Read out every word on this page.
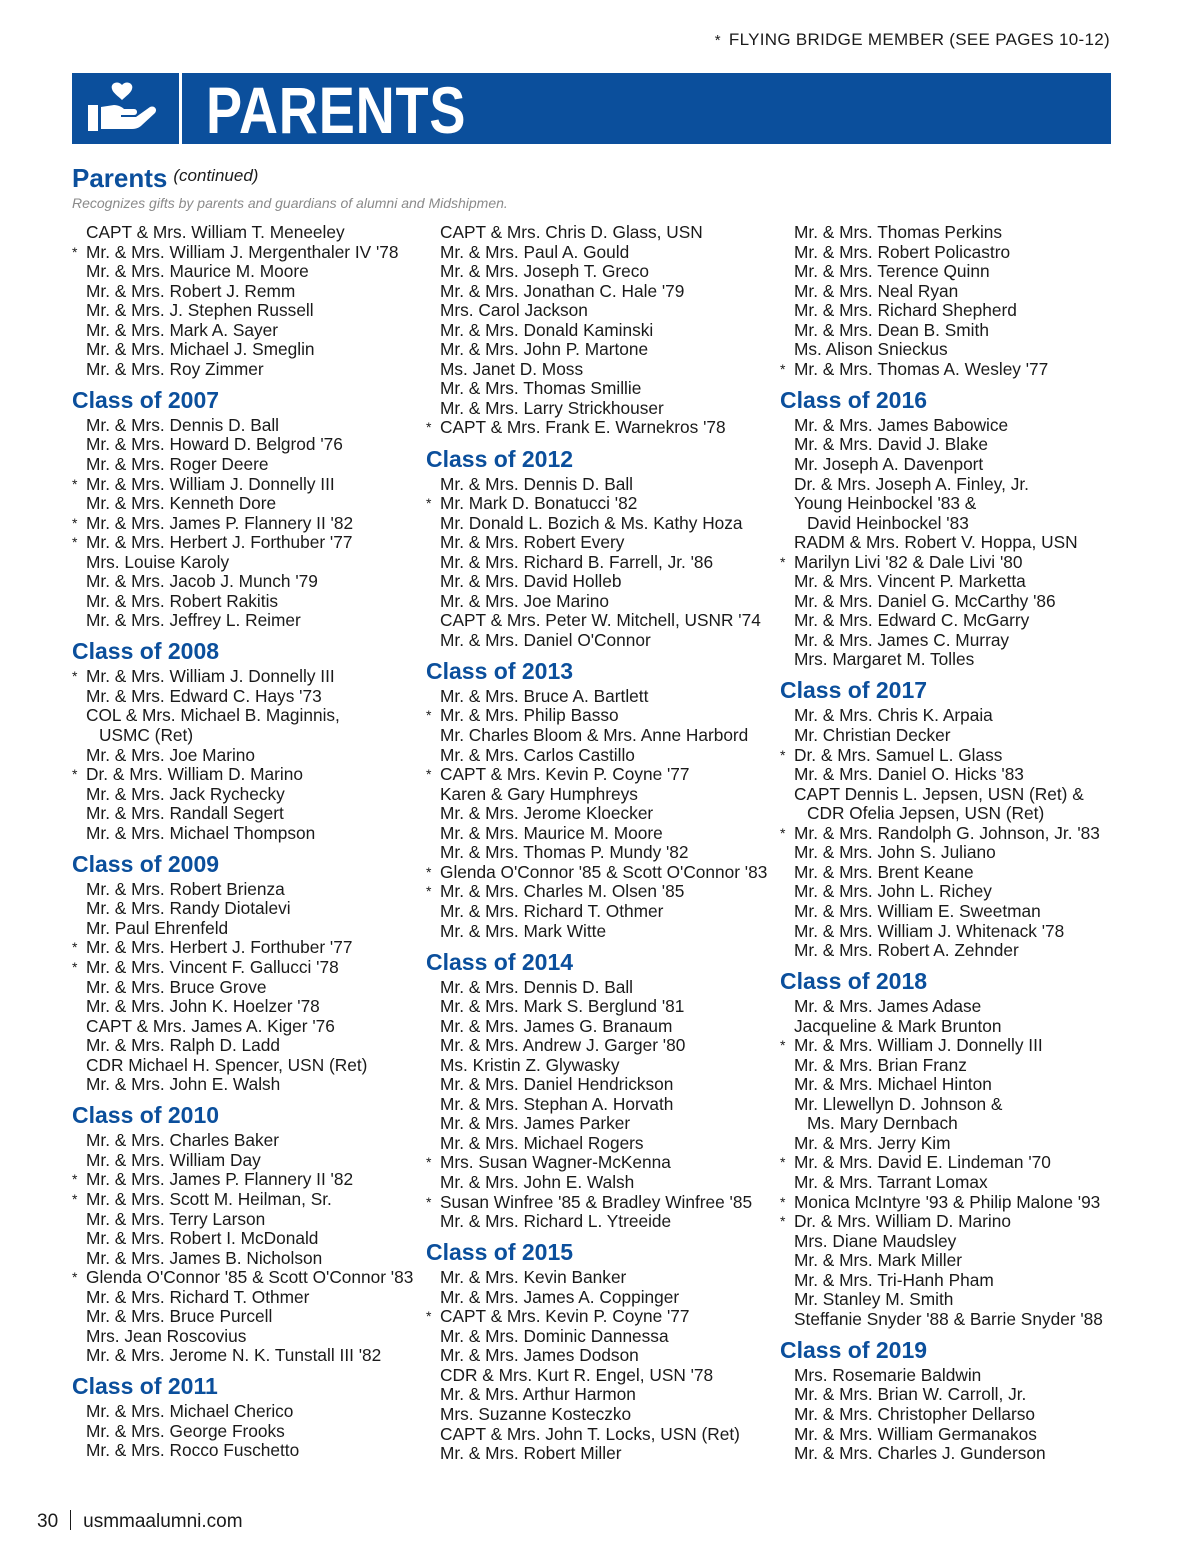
* FLYING BRIDGE MEMBER (SEE PAGES 10-12)
PARENTS
Parents (continued)
Recognizes gifts by parents and guardians of alumni and Midshipmen.
CAPT & Mrs. William T. Meneeley
* Mr. & Mrs. William J. Mergenthaler IV '78
Mr. & Mrs. Maurice M. Moore
Mr. & Mrs. Robert J. Remm
Mr. & Mrs. J. Stephen Russell
Mr. & Mrs. Mark A. Sayer
Mr. & Mrs. Michael J. Smeglin
Mr. & Mrs. Roy Zimmer
Class of 2007
Mr. & Mrs. Dennis D. Ball
Mr. & Mrs. Howard D. Belgrod '76
Mr. & Mrs. Roger Deere
* Mr. & Mrs. William J. Donnelly III
Mr. & Mrs. Kenneth Dore
* Mr. & Mrs. James P. Flannery II '82
* Mr. & Mrs. Herbert J. Forthuber '77
Mrs. Louise Karoly
Mr. & Mrs. Jacob J. Munch '79
Mr. & Mrs. Robert Rakitis
Mr. & Mrs. Jeffrey L. Reimer
Class of 2008
* Mr. & Mrs. William J. Donnelly III
Mr. & Mrs. Edward C. Hays '73
COL & Mrs. Michael B. Maginnis,
USMC (Ret)
Mr. & Mrs. Joe Marino
* Dr. & Mrs. William D. Marino
Mr. & Mrs. Jack Rychecky
Mr. & Mrs. Randall Segert
Mr. & Mrs. Michael Thompson
Class of 2009
Mr. & Mrs. Robert Brienza
Mr. & Mrs. Randy Diotalevi
Mr. Paul Ehrenfeld
* Mr. & Mrs. Herbert J. Forthuber '77
* Mr. & Mrs. Vincent F. Gallucci '78
Mr. & Mrs. Bruce Grove
Mr. & Mrs. John K. Hoelzer '78
CAPT & Mrs. James A. Kiger '76
Mr. & Mrs. Ralph D. Ladd
CDR Michael H. Spencer, USN (Ret)
Mr. & Mrs. John E. Walsh
Class of 2010
Mr. & Mrs. Charles Baker
Mr. & Mrs. William Day
* Mr. & Mrs. James P. Flannery II '82
* Mr. & Mrs. Scott M. Heilman, Sr.
Mr. & Mrs. Terry Larson
Mr. & Mrs. Robert I. McDonald
Mr. & Mrs. James B. Nicholson
* Glenda O'Connor '85 & Scott O'Connor '83
Mr. & Mrs. Richard T. Othmer
Mr. & Mrs. Bruce Purcell
Mrs. Jean Roscovius
Mr. & Mrs. Jerome N. K. Tunstall III '82
Class of 2011
Mr. & Mrs. Michael Cherico
Mr. & Mrs. George Frooks
Mr. & Mrs. Rocco Fuschetto
CAPT & Mrs. Chris D. Glass, USN
Mr. & Mrs. Paul A. Gould
Mr. & Mrs. Joseph T. Greco
Mr. & Mrs. Jonathan C. Hale '79
Mrs. Carol Jackson
Mr. & Mrs. Donald Kaminski
Mr. & Mrs. John P. Martone
Ms. Janet D. Moss
Mr. & Mrs. Thomas Smillie
Mr. & Mrs. Larry Strickhouser
* CAPT & Mrs. Frank E. Warnekros '78
Class of 2012
Mr. & Mrs. Dennis D. Ball
* Mr. Mark D. Bonatucci '82
Mr. Donald L. Bozich & Ms. Kathy Hoza
Mr. & Mrs. Robert Every
Mr. & Mrs. Richard B. Farrell, Jr. '86
Mr. & Mrs. David Holleb
Mr. & Mrs. Joe Marino
CAPT & Mrs. Peter W. Mitchell, USNR '74
Mr. & Mrs. Daniel O'Connor
Class of 2013
Mr. & Mrs. Bruce A. Bartlett
* Mr. & Mrs. Philip Basso
Mr. Charles Bloom & Mrs. Anne Harbord
Mr. & Mrs. Carlos Castillo
* CAPT & Mrs. Kevin P. Coyne '77
Karen & Gary Humphreys
Mr. & Mrs. Jerome Kloecker
Mr. & Mrs. Maurice M. Moore
Mr. & Mrs. Thomas P. Mundy '82
* Glenda O'Connor '85 & Scott O'Connor '83
* Mr. & Mrs. Charles M. Olsen '85
Mr. & Mrs. Richard T. Othmer
Mr. & Mrs. Mark Witte
Class of 2014
Mr. & Mrs. Dennis D. Ball
Mr. & Mrs. Mark S. Berglund '81
Mr. & Mrs. James G. Branaum
Mr. & Mrs. Andrew J. Garger '80
Ms. Kristin Z. Glywasky
Mr. & Mrs. Daniel Hendrickson
Mr. & Mrs. Stephan A. Horvath
Mr. & Mrs. James Parker
Mr. & Mrs. Michael Rogers
* Mrs. Susan Wagner-McKenna
Mr. & Mrs. John E. Walsh
* Susan Winfree '85 & Bradley Winfree '85
Mr. & Mrs. Richard L. Ytreeide
Class of 2015
Mr. & Mrs. Kevin Banker
Mr. & Mrs. James A. Coppinger
* CAPT & Mrs. Kevin P. Coyne '77
Mr. & Mrs. Dominic Dannessa
Mr. & Mrs. James Dodson
CDR & Mrs. Kurt R. Engel, USN '78
Mr. & Mrs. Arthur Harmon
Mrs. Suzanne Kosteczko
CAPT & Mrs. John T. Locks, USN (Ret)
Mr. & Mrs. Robert Miller
Mr. & Mrs. Thomas Perkins
Mr. & Mrs. Robert Policastro
Mr. & Mrs. Terence Quinn
Mr. & Mrs. Neal Ryan
Mr. & Mrs. Richard Shepherd
Mr. & Mrs. Dean B. Smith
Ms. Alison Snieckus
* Mr. & Mrs. Thomas A. Wesley '77
Class of 2016
Mr. & Mrs. James Babowice
Mr. & Mrs. David J. Blake
Mr. Joseph A. Davenport
Dr. & Mrs. Joseph A. Finley, Jr.
Young Heinbockel '83 &
David Heinbockel '83
RADM & Mrs. Robert V. Hoppa, USN
* Marilyn Livi '82 & Dale Livi '80
Mr. & Mrs. Vincent P. Marketta
Mr. & Mrs. Daniel G. McCarthy '86
Mr. & Mrs. Edward C. McGarry
Mr. & Mrs. James C. Murray
Mrs. Margaret M. Tolles
Class of 2017
Mr. & Mrs. Chris K. Arpaia
Mr. Christian Decker
* Dr. & Mrs. Samuel L. Glass
Mr. & Mrs. Daniel O. Hicks '83
CAPT Dennis L. Jepsen, USN (Ret) &
CDR Ofelia Jepsen, USN (Ret)
* Mr. & Mrs. Randolph G. Johnson, Jr. '83
Mr. & Mrs. John S. Juliano
Mr. & Mrs. Brent Keane
Mr. & Mrs. John L. Richey
Mr. & Mrs. William E. Sweetman
Mr. & Mrs. William J. Whitenack '78
Mr. & Mrs. Robert A. Zehnder
Class of 2018
Mr. & Mrs. James Adase
Jacqueline & Mark Brunton
* Mr. & Mrs. William J. Donnelly III
Mr. & Mrs. Brian Franz
Mr. & Mrs. Michael Hinton
Mr. Llewellyn D. Johnson &
Ms. Mary Dernbach
Mr. & Mrs. Jerry Kim
* Mr. & Mrs. David E. Lindeman '70
Mr. & Mrs. Tarrant Lomax
* Monica McIntyre '93 & Philip Malone '93
* Dr. & Mrs. William D. Marino
Mrs. Diane Maudsley
Mr. & Mrs. Mark Miller
Mr. & Mrs. Tri-Hanh Pham
Mr. Stanley M. Smith
Steffanie Snyder '88 & Barrie Snyder '88
Class of 2019
Mrs. Rosemarie Baldwin
Mr. & Mrs. Brian W. Carroll, Jr.
Mr. & Mrs. Christopher Dellarso
Mr. & Mrs. William Germanakos
Mr. & Mrs. Charles J. Gunderson
30 usmmaalumni.com
